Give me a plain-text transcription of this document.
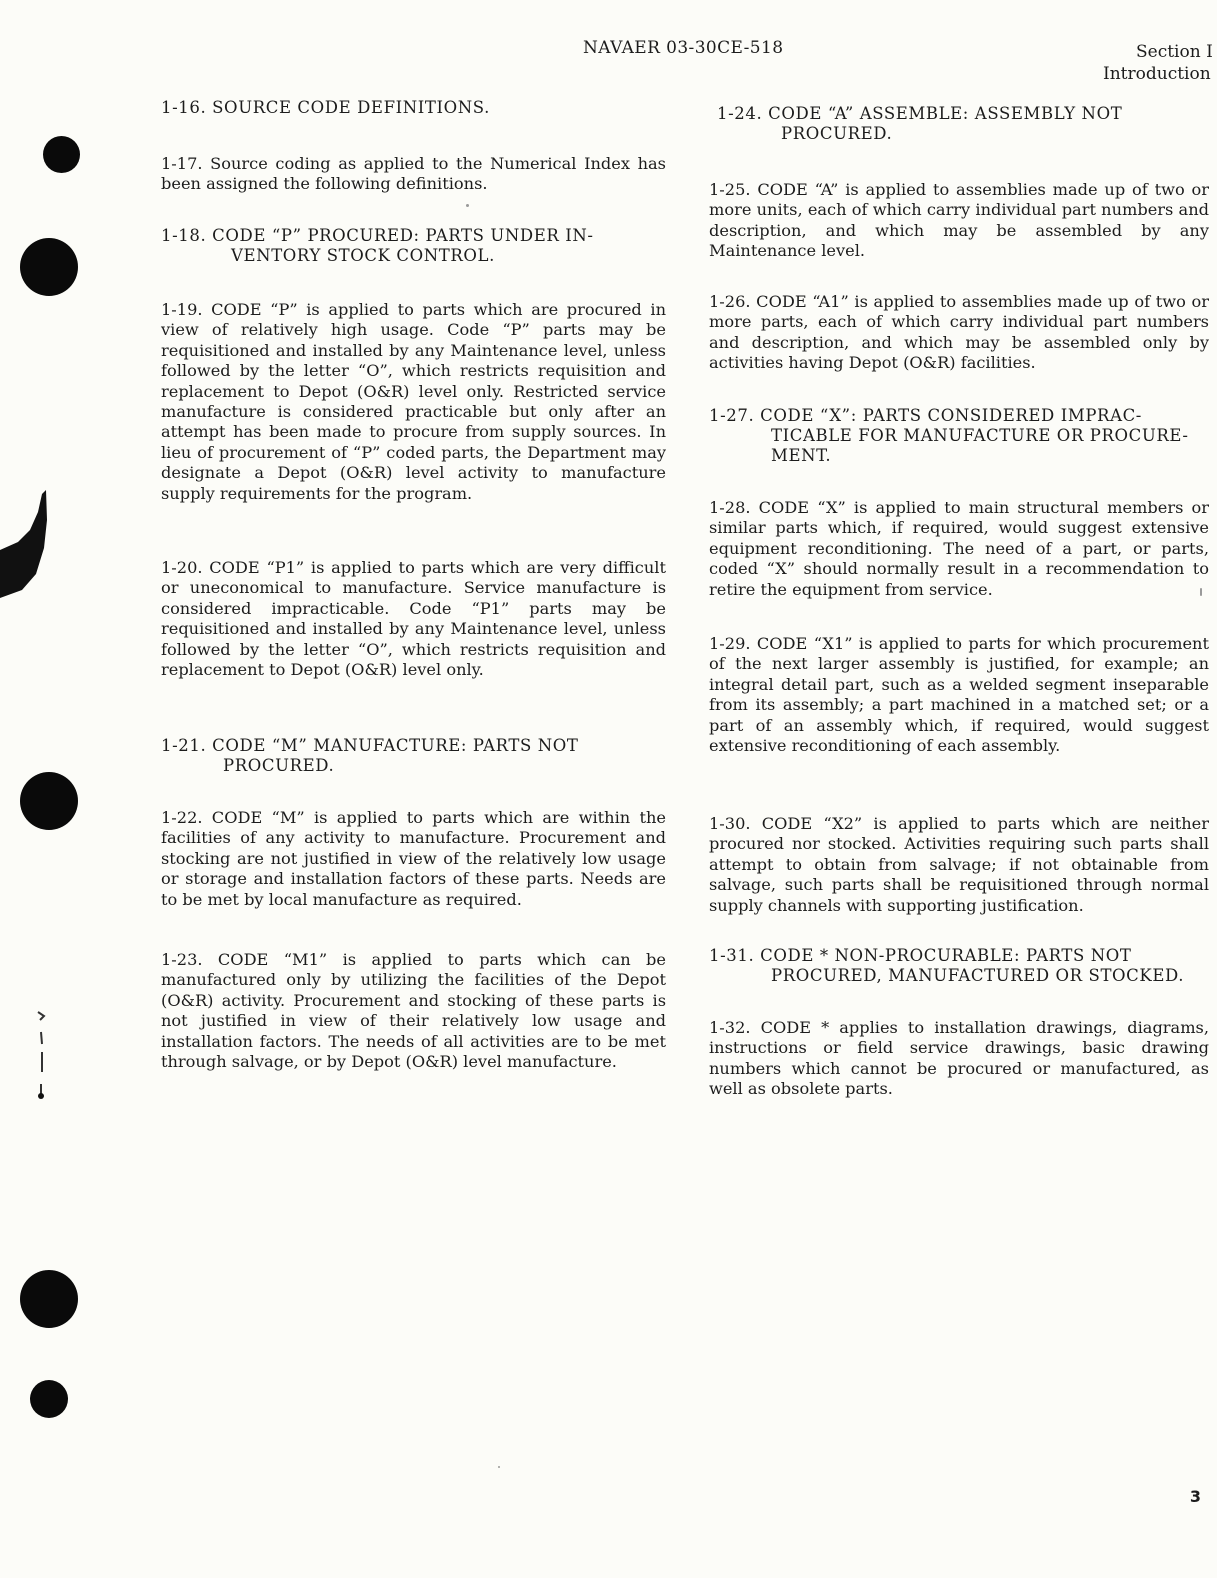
NAVAER 03-30CE-518	Section I
Introduction
1-16. SOURCE CODE DEFINITIONS.
1-17. Source coding as applied to the Numerical Index has been assigned the following definitions.
1-18. CODE “P” PROCURED: PARTS UNDER IN-
VENTORY STOCK CONTROL.
1-19. CODE “P” is applied to parts which are procured in view of relatively high usage. Code “P” parts may be requisitioned and installed by any Maintenance level, unless followed by the letter “O”, which restricts requisition and replacement to Depot (O&R) level only. Restricted service manufacture is considered practicable but only after an attempt has been made to procure from supply sources. In lieu of procurement of “P” coded parts, the Department may designate a Depot (O&R) level activity to manufacture supply requirements for the program.
1-20. CODE “P1” is applied to parts which are very difficult or uneconomical to manufacture. Service manufacture is considered impracticable. Code “P1” parts may be requisitioned and installed by any Maintenance level, unless followed by the letter “O”, which restricts requisition and replacement to Depot (O&R) level only.
1-21. CODE “M” MANUFACTURE: PARTS NOT
PROCURED.
1-22. CODE “M” is applied to parts which are within the facilities of any activity to manufacture. Procurement and stocking are not justified in view of the relatively low usage or storage and installation factors of these parts. Needs are to be met by local manufacture as required.
1-23. CODE “M1” is applied to parts which can be manufactured only by utilizing the facilities of the Depot (O&R) activity. Procurement and stocking of these parts is not justified in view of their relatively low usage and installation factors. The needs of all activities are to be met through salvage, or by Depot (O&R) level manufacture.
1-24. CODE “A” ASSEMBLE: ASSEMBLY NOT
PROCURED.
1-25. CODE “A” is applied to assemblies made up of two or more units, each of which carry individual part numbers and description, and which may be assembled by any Maintenance level.
1-26. CODE “A1” is applied to assemblies made up of two or more parts, each of which carry individual part numbers and description, and which may be assembled only by activities having Depot (O&R) facilities.
1-27. CODE “X”: PARTS CONSIDERED IMPRAC-
TICABLE FOR MANUFACTURE OR PROCURE-
MENT.
1-28. CODE “X” is applied to main structural members or similar parts which, if required, would suggest extensive equipment reconditioning. The need of a part, or parts, coded “X” should normally result in a recommendation to retire the equipment from service.
1-29. CODE “X1” is applied to parts for which procurement of the next larger assembly is justified, for example; an integral detail part, such as a welded segment inseparable from its assembly; a part machined in a matched set; or a part of an assembly which, if required, would suggest extensive reconditioning of each assembly.
1-30. CODE “X2” is applied to parts which are neither procured nor stocked. Activities requiring such parts shall attempt to obtain from salvage; if not obtainable from salvage, such parts shall be requisitioned through normal supply channels with supporting justification.
1-31. CODE * NON-PROCURABLE: PARTS NOT
PROCURED, MANUFACTURED OR STOCKED.
1-32. CODE * applies to installation drawings, diagrams, instructions or field service drawings, basic drawing numbers which cannot be procured or manufactured, as well as obsolete parts.
3
